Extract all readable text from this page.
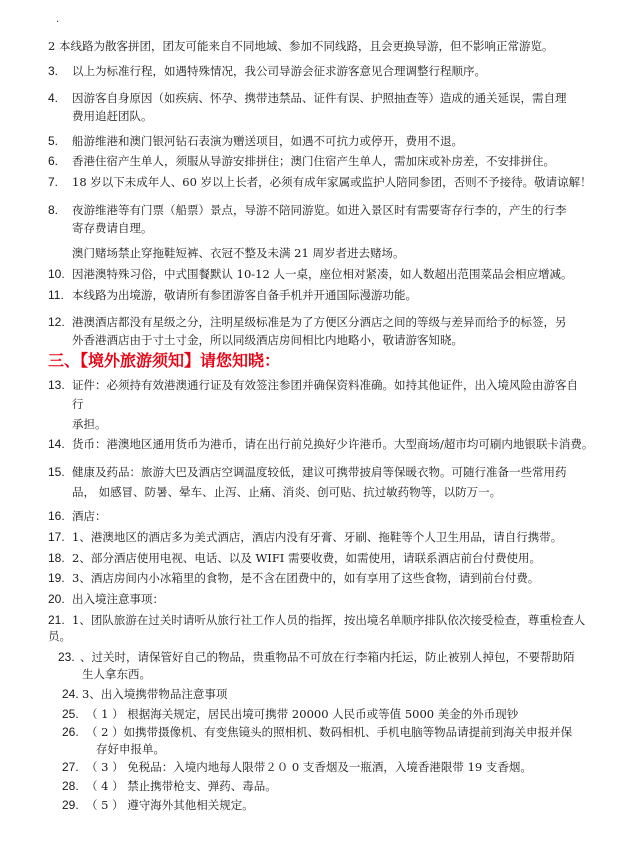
.
2 本线路为散客拼团，团友可能来自不同地域、参加不同线路，且会更换导游，但不影响正常游览。
3. 以上为标准行程，如遇特殊情况，我公司导游会征求游客意见合理调整行程顺序。
4. 因游客自身原因（如疾病、怀孕、携带违禁品、证件有误、护照抽查等）造成的通关延误，需自理
费用追赶团队。
5. 船游维港和澳门银河钻石表演为赠送项目，如遇不可抗力或停开，费用不退。
6. 香港住宿产生单人，须服从导游安排拼住；澳门住宿产生单人，需加床或补房差，不安排拼住。
7. 18 岁以下未成年人、60 岁以上长者，必须有成年家属或监护人陪同参团，否则不予接待。敬请谅解！
8. 夜游维港等有门票（船票）景点，导游不陪同游览。如进入景区时有需要寄存行李的，产生的行李
寄存费请自理。
澳门赌场禁止穿拖鞋短裤、衣冠不整及未满 21 周岁者进去赌场。
10. 因港澳特殊习俗，中式围餐默认 10-12 人一桌，座位相对紧凑，如人数超出范围菜品会相应增减。
11. 本线路为出境游，敬请所有参团游客自备手机并开通国际漫游功能。
12. 港澳酒店都没有星级之分，注明星级标准是为了方便区分酒店之间的等级与差异而给予的标签，另
外香港酒店由于寸土寸金，所以同级酒店房间相比内地略小，敬请游客知晓。
三、【境外旅游须知】请您知晓：
13. 证件：必须持有效港澳通行证及有效签注参团并确保资料准确。如持其他证件，出入境风险由游客自
行
承担。
14. 货币：港澳地区通用货币为港币，请在出行前兑换好少许港币。大型商场/超市均可刷内地银联卡消费。
15. 健康及药品：旅游大巴及酒店空调温度较低，建议可携带披肩等保暖衣物。可随行准备一些常用药
品， 如感冒、防暑、晕车、止泻、止痛、消炎、创可贴、抗过敏药物等，以防万一。
16. 酒店：
17. 1、港澳地区的酒店多为美式酒店，酒店内没有牙膏、牙刷、拖鞋等个人卫生用品，请自行携带。
18. 2、部分酒店使用电视、电话、以及 WIFI 需要收费，如需使用，请联系酒店前台付费使用。
19. 3、酒店房间内小冰箱里的食物，是不含在团费中的，如有享用了这些食物，请到前台付费。
20. 出入境注意事项：
21. 1、团队旅游在过关时请听从旅行社工作人员的指挥，按出境名单顺序排队依次接受检查，尊重检查人
员。
23. 、过关时，请保管好自己的物品，贵重物品不可放在行李箱内托运，防止被别人掉包，不要帮助陌
生人拿东西。
24. 3、出入境携带物品注意事项
25. （ 1 ） 根据海关规定，居民出境可携带 20000 人民币或等值 5000 美金的外币现钞
26. （ 2 ）如携带摄像机、有变焦镜头的照相机、数码相机、手机电脑等物品请提前到海关申报并保
存好申报单。
27. （ 3 ） 免税品：入境内地每人限带２０ 0 支香烟及一瓶酒，入境香港限带 19 支香烟。
28. （ 4 ） 禁止携带枪支、弹药、毒品。
29. （ 5 ） 遵守海外其他相关规定。
